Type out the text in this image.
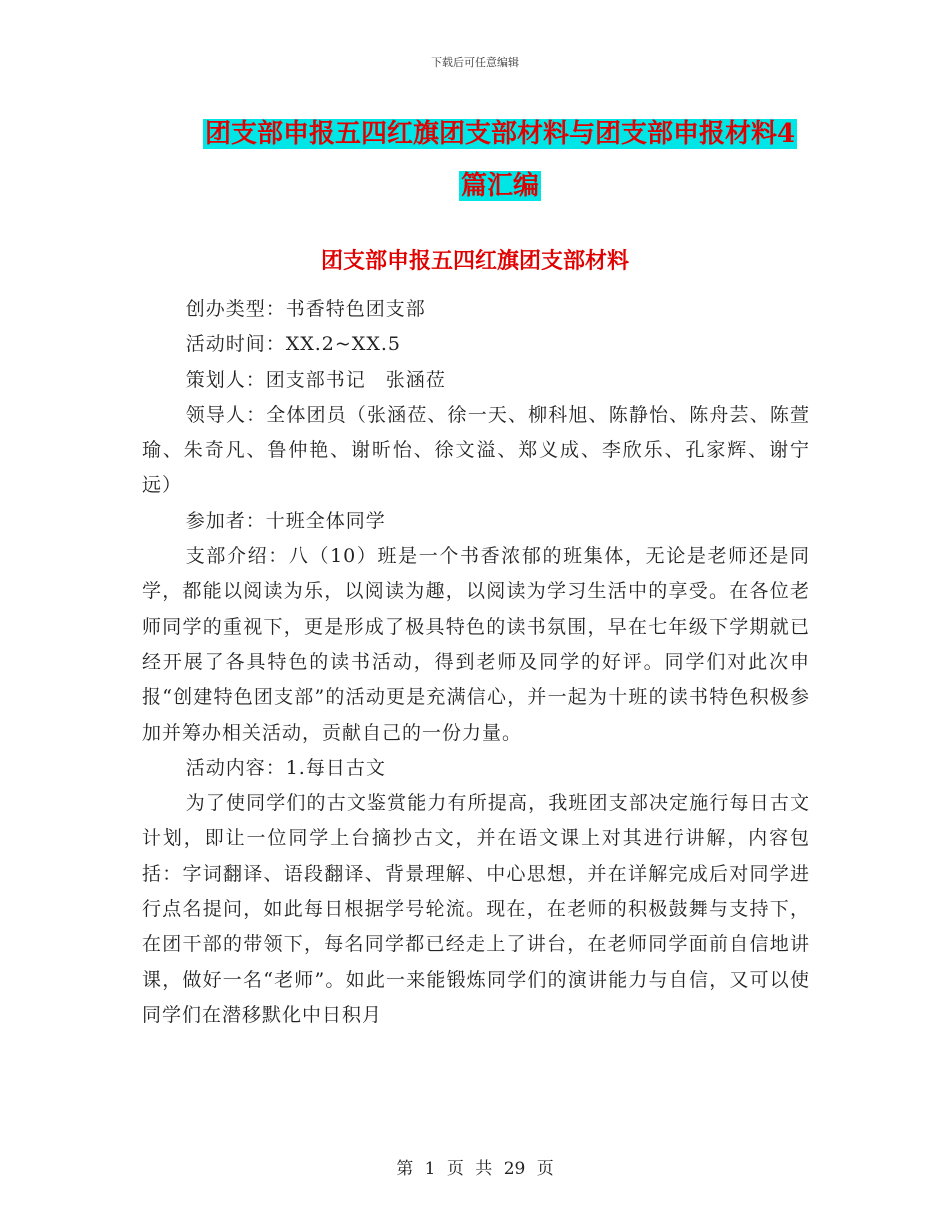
下载后可任意编辑
团支部申报五四红旗团支部材料与团支部申报材料4
篇汇编
团支部申报五四红旗团支部材料

创办类型：书香特色团支部

活动时间：XX.2~XX.5

策划人：团支部书记　张涵莅

领导人：全体团员（张涵莅、徐一天、柳科旭、陈静怡、陈舟芸、陈萱瑜、朱奇凡、鲁仲艳、谢昕怡、徐文溢、郑义成、李欣乐、孔家辉、谢宁远）

参加者：十班全体同学

支部介绍：八（10）班是一个书香浓郁的班集体，无论是老师还是同学，都能以阅读为乐，以阅读为趣，以阅读为学习生活中的享受。在各位老师同学的重视下，更是形成了极具特色的读书氛围，早在七年级下学期就已经开展了各具特色的读书活动，得到老师及同学的好评。同学们对此次申报“创建特色团支部”的活动更是充满信心，并一起为十班的读书特色积极参加并筹办相关活动，贡献自己的一份力量。

活动内容：1.每日古文

为了使同学们的古文鉴赏能力有所提高，我班团支部决定施行每日古文计划，即让一位同学上台摘抄古文，并在语文课上对其进行讲解，内容包括：字词翻译、语段翻译、背景理解、中心思想，并在详解完成后对同学进行点名提问，如此每日根据学号轮流。现在，在老师的积极鼓舞与支持下，在团干部的带领下，每名同学都已经走上了讲台，在老师同学面前自信地讲课，做好一名“老师”。如此一来能锻炼同学们的演讲能力与自信，又可以使同学们在潜移默化中日积月

第 1 页 共 29 页
